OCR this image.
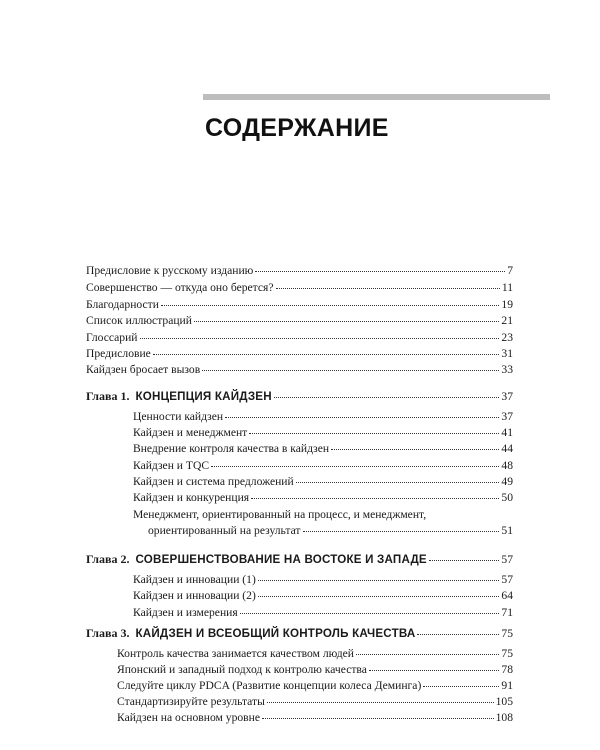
СОДЕРЖАНИЕ
Предисловие к русскому изданию	7
Совершенство — откуда оно берется?	11
Благодарности	19
Список иллюстраций	21
Глоссарий	23
Предисловие	31
Кайдзен бросает вызов	33
Глава 1. КОНЦЕПЦИЯ КАЙДЗЕН	37
Ценности кайдзен	37
Кайдзен и менеджмент	41
Внедрение контроля качества в кайдзен	44
Кайдзен и TQC	48
Кайдзен и система предложений	49
Кайдзен и конкуренция	50
Менеджмент, ориентированный на процесс, и менеджмент,
ориентированный на результат	51
Глава 2. СОВЕРШЕНСТВОВАНИЕ НА ВОСТОКЕ И ЗАПАДЕ	57
Кайдзен и инновации (1)	57
Кайдзен и инновации (2)	64
Кайдзен и измерения	71
Глава 3. КАЙДЗЕН И ВСЕОБЩИЙ КОНТРОЛЬ КАЧЕСТВА	75
Контроль качества занимается качеством людей	75
Японский и западный подход к контролю качества	78
Следуйте циклу PDCA (Развитие концепции колеса Деминга)	91
Стандартизируйте результаты	105
Кайдзен на основном уровне	108
